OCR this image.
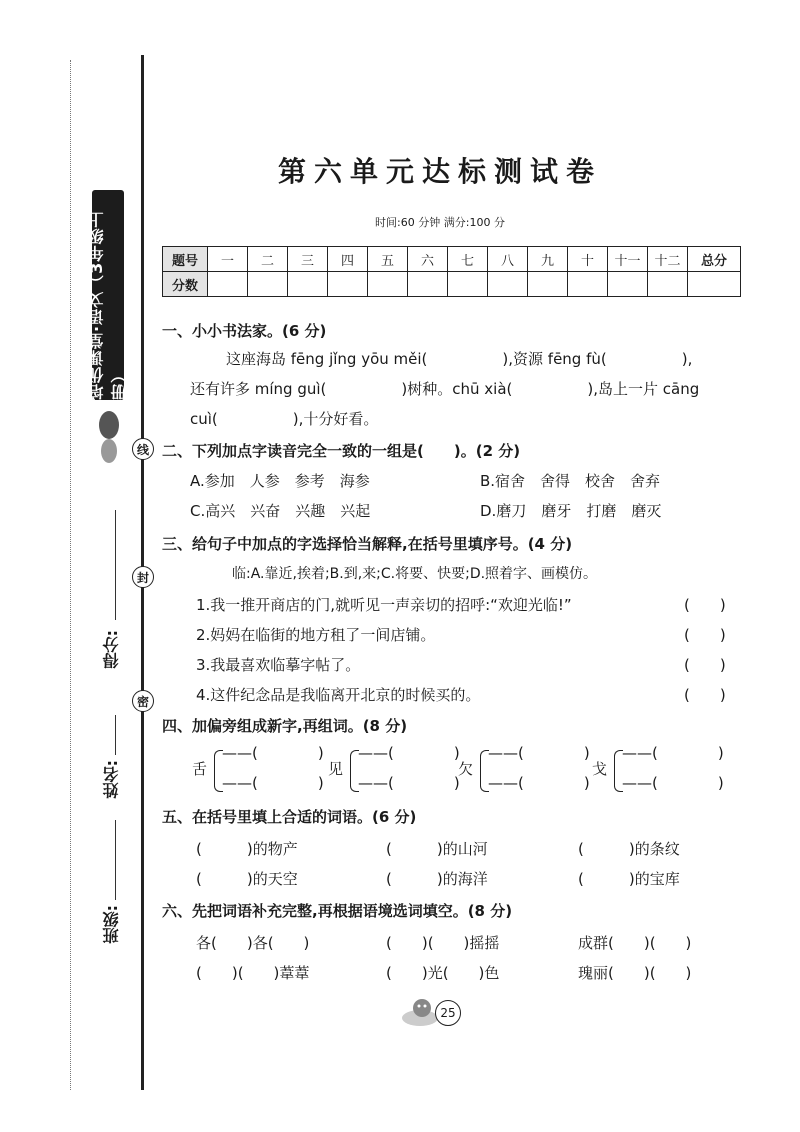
培优课堂·语文（3年级上册）
线
封
密
得分:
姓名:
班级:
第六单元达标测试卷
时间:60 分钟 满分:100 分
题号	一	二	三	四	五	六	七	八	九	十	十一	十二	总分
分数													
一、小小书法家。(6 分)
这座海岛 fēng jǐng yōu měi(　　　　　),资源 fēng fù(　　　　　),
还有许多 míng guì(　　　　　)树种。chū xià(　　　　　),岛上一片 cāng
cuì(　　　　　),十分好看。
二、下列加点字读音完全一致的一组是(　　)。(2 分)
A.参加　人参　参考　海参	B.宿舍　舍得　校舍　舍弃
C.高兴　兴奋　兴趣　兴起	D.磨刀　磨牙　打磨　磨灭
三、给句子中加点的字选择恰当解释,在括号里填序号。(4 分)
临:A.靠近,挨着;B.到,来;C.将要、快要;D.照着字、画模仿。
1.我一推开商店的门,就听见一声亲切的招呼:“欢迎光临!”	(　　)
2.妈妈在临街的地方租了一间店铺。	(　　)
3.我最喜欢临摹字帖了。	(　　)
4.这件纪念品是我临离开北京的时候买的。	(　　)
四、加偏旁组成新字,再组词。(8 分)
舌
——(　　　　)
——(　　　　)
见
——(　　　　)
——(　　　　)
欠
——(　　　　)
——(　　　　)
戈
——(　　　　)
——(　　　　)
五、在括号里填上合适的词语。(6 分)
(　　　)的物产	(　　　)的山河	(　　　)的条纹
(　　　)的天空	(　　　)的海洋	(　　　)的宝库
六、先把词语补充完整,再根据语境选词填空。(8 分)
各(　　)各(　　)	(　　)(　　)摇摇	成群(　　)(　　)
(　　)(　　)葦葦	(　　)光(　　)色	瑰丽(　　)(　　)
25
